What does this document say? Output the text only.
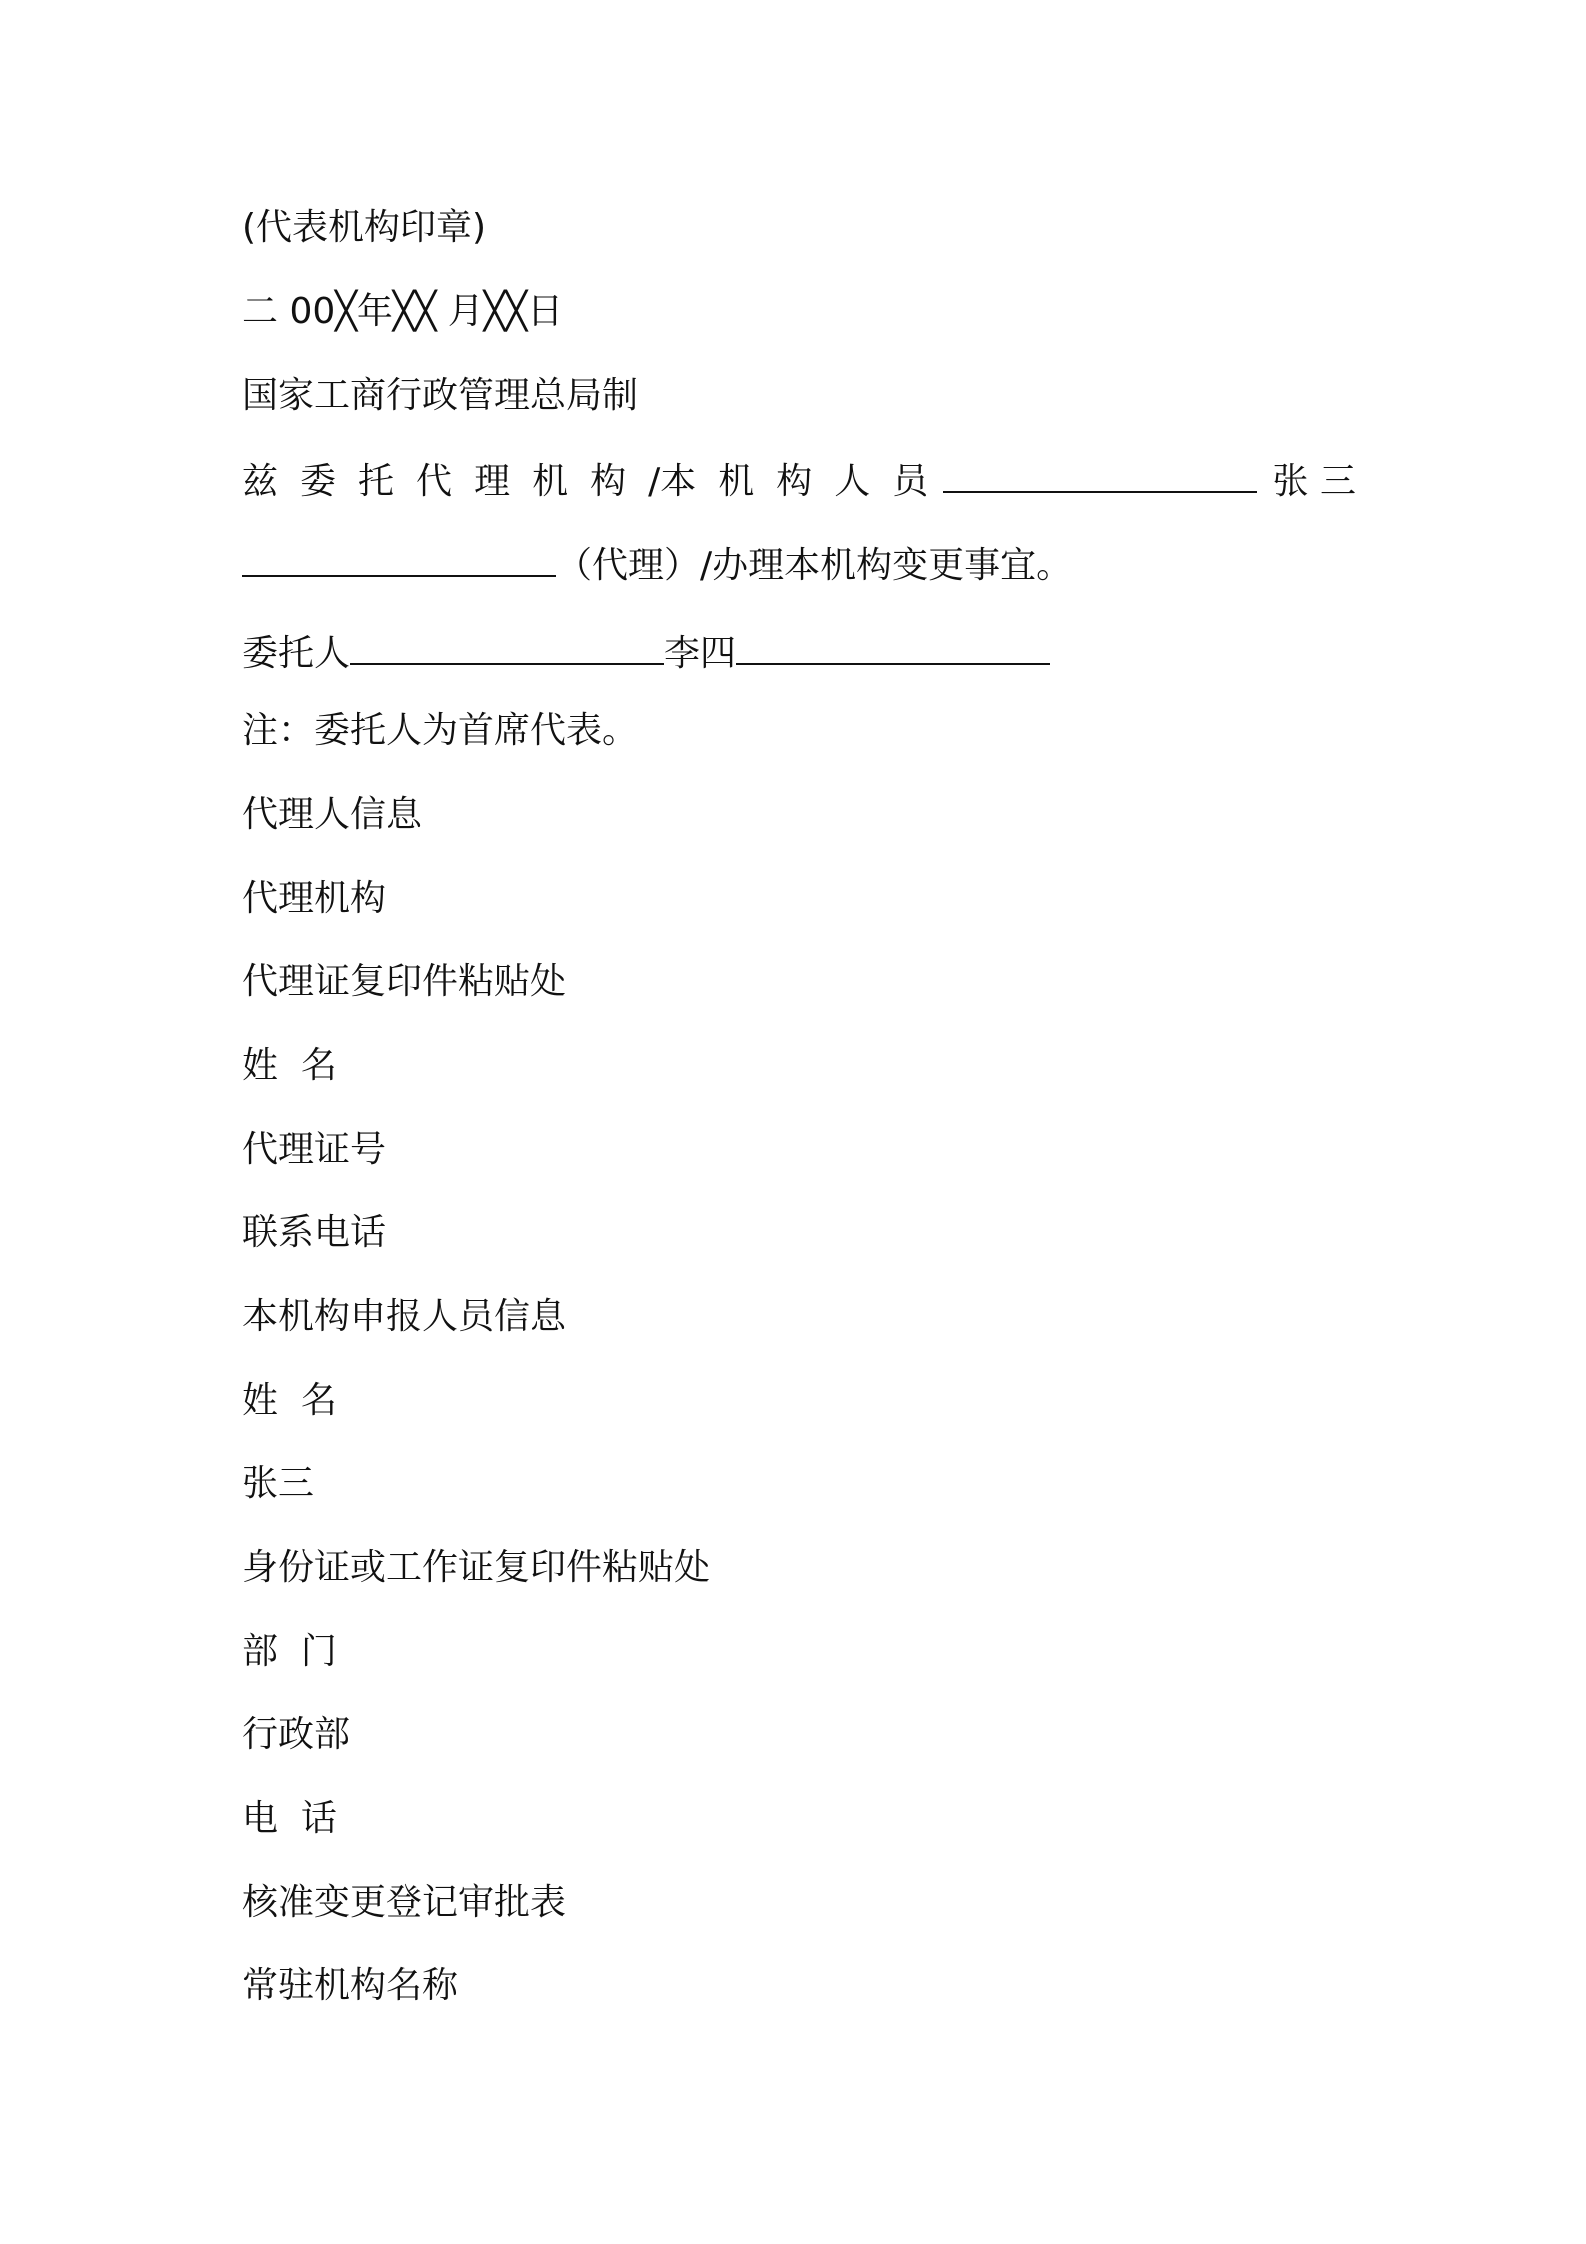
(代表机构印章)
二 00╳年╳╳ 月╳╳日
国家工商行政管理总局制
兹 委 托 代 理 机 构 /本 机 构 人 员	张 三
（代理）/办理本机构变更事宜。
委托人	李四
注：委托人为首席代表。
代理人信息
代理机构
代理证复印件粘贴处
姓  名
代理证号
联系电话
本机构申报人员信息
姓  名
张三
身份证或工作证复印件粘贴处
部  门
行政部
电  话
核准变更登记审批表
常驻机构名称
